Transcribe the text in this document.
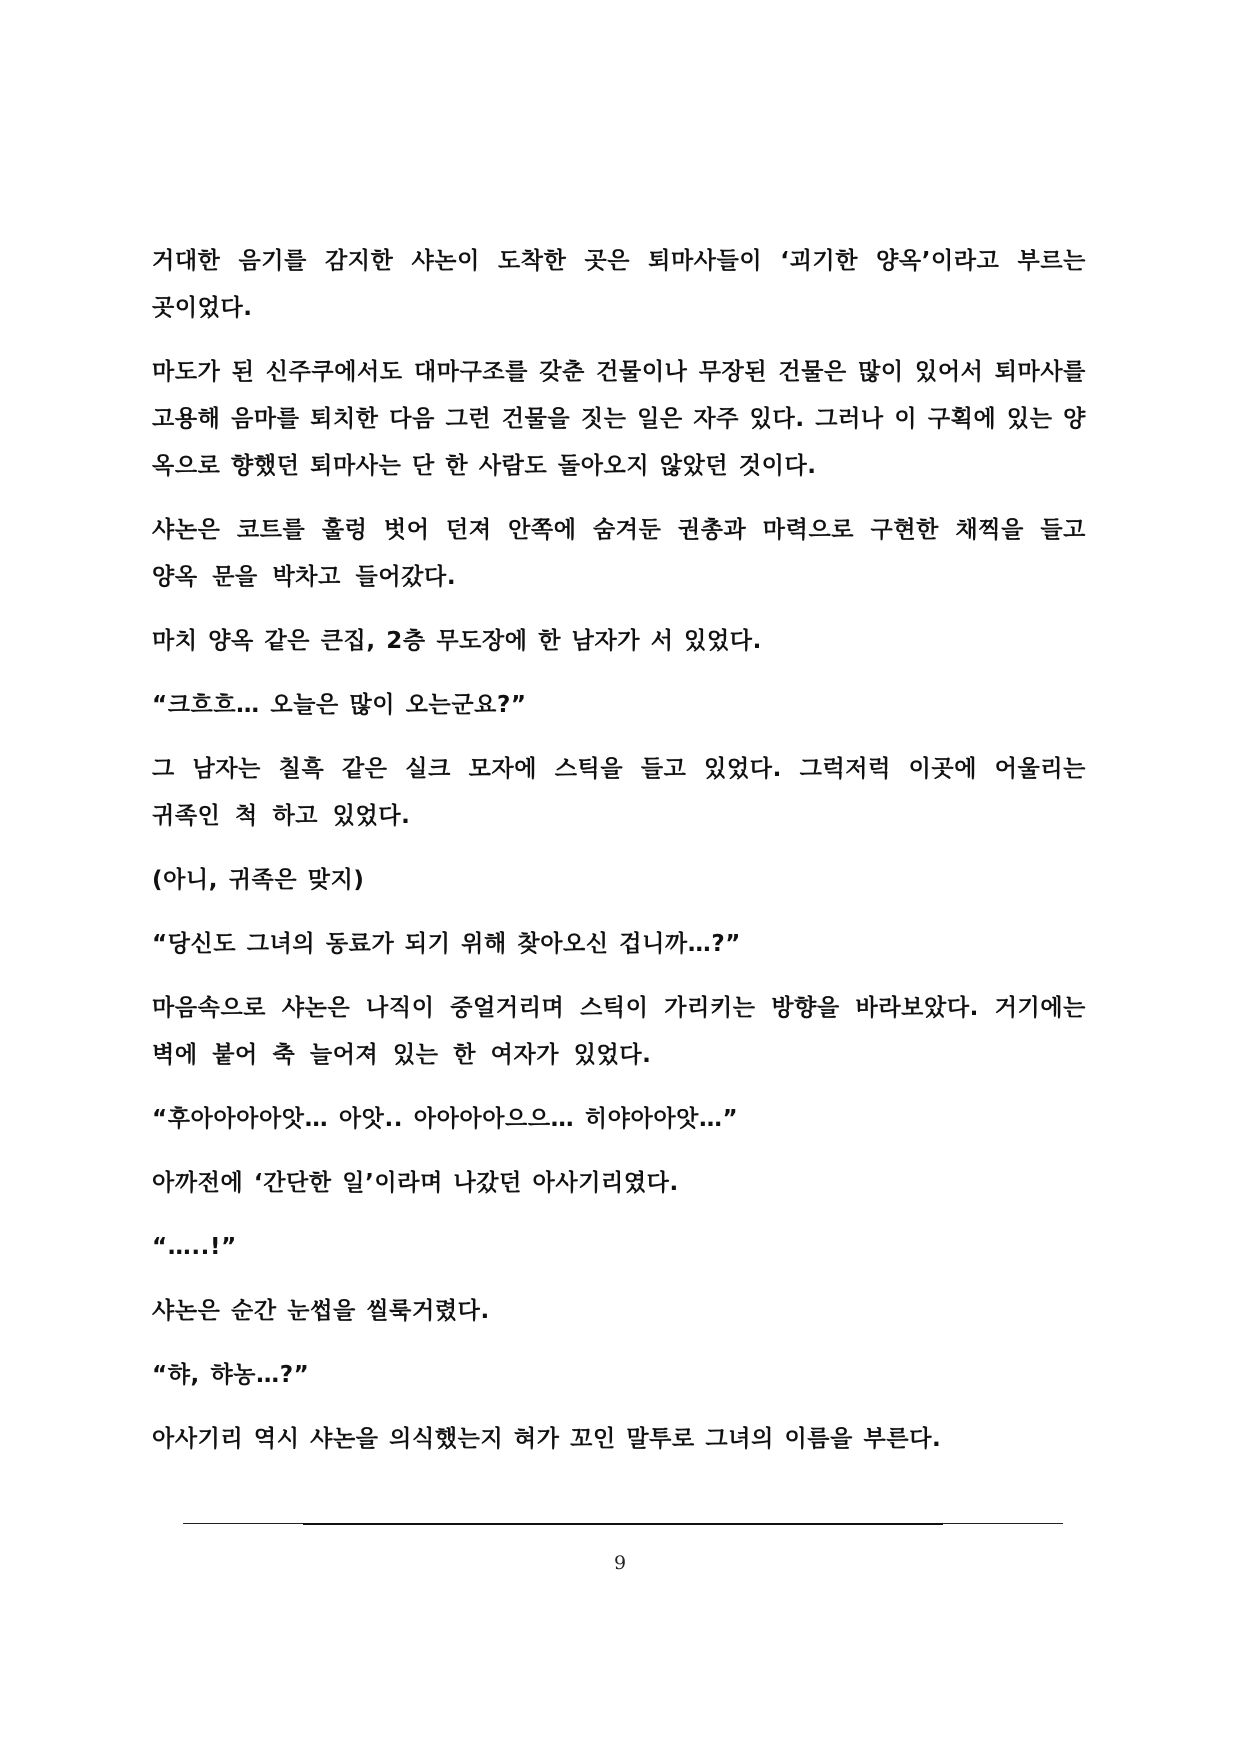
거대한 음기를 감지한 샤논이 도착한 곳은 퇴마사들이 ‘괴기한 양옥’이라고 부르는 곳이었다.

마도가 된 신주쿠에서도 대마구조를 갖춘 건물이나 무장된 건물은 많이 있어서 퇴마사를 고용해 음마를 퇴치한 다음 그런 건물을 짓는 일은 자주 있다. 그러나 이 구획에 있는 양옥으로 향했던 퇴마사는 단 한 사람도 돌아오지 않았던 것이다.

샤논은 코트를 훌렁 벗어 던져 안쪽에 숨겨둔 권총과 마력으로 구현한 채찍을 들고 양옥 문을 박차고 들어갔다.

마치 양옥 같은 큰집, 2층 무도장에 한 남자가 서 있었다.

“크흐흐… 오늘은 많이 오는군요?”

그 남자는 칠흑 같은 실크 모자에 스틱을 들고 있었다. 그럭저럭 이곳에 어울리는 귀족인 척 하고 있었다.

(아니, 귀족은 맞지)

“당신도 그녀의 동료가 되기 위해 찾아오신 겁니까…?”

마음속으로 샤논은 나직이 중얼거리며 스틱이 가리키는 방향을 바라보았다. 거기에는 벽에 붙어 축 늘어져 있는 한 여자가 있었다.

“후아아아아앗… 아앗.. 아아아아으으… 히야아아앗…”

아까전에 ‘간단한 일’이라며 나갔던 아사기리였다.

“…..!”

샤논은 순간 눈썹을 씰룩거렸다.

“햐, 햐농…?”

아사기리 역시 샤논을 의식했는지 혀가 꼬인 말투로 그녀의 이름을 부른다.

9
